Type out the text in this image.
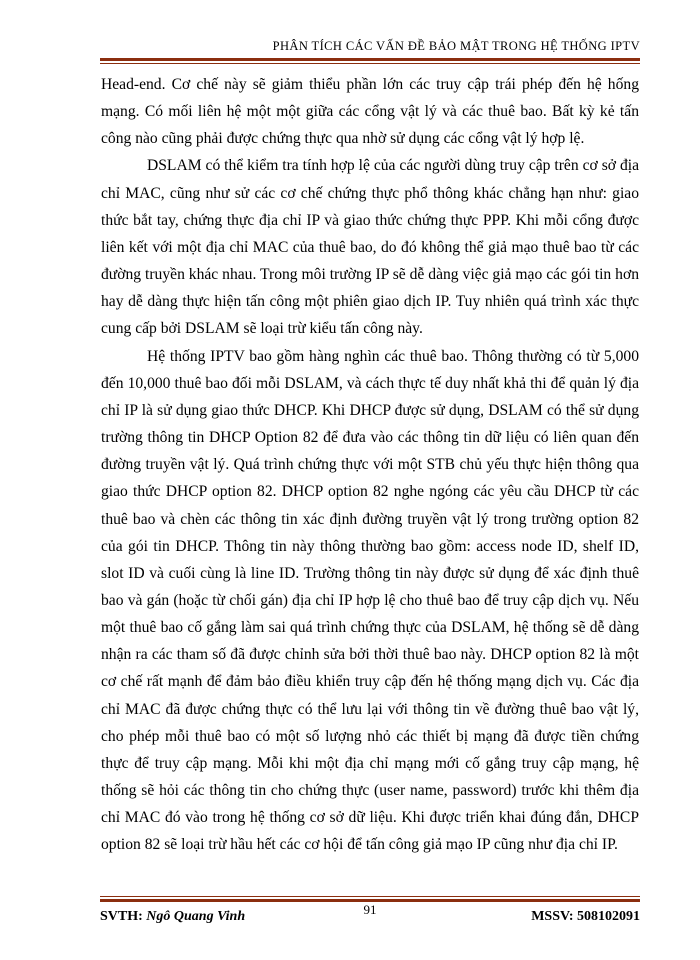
PHÂN TÍCH CÁC VẤN ĐỀ BẢO MẬT TRONG HỆ THỐNG IPTV

Head-end. Cơ chế này sẽ giảm thiểu phần lớn các truy cập trái phép đến hệ hống mạng. Có mối liên hệ một một giữa các cổng vật lý và các thuê bao. Bất kỳ kẻ tấn công nào cũng phải được chứng thực qua nhờ sử dụng các cổng vật lý hợp lệ.

DSLAM có thể kiểm tra tính hợp lệ của các người dùng truy cập trên cơ sở địa chỉ MAC, cũng như sử các cơ chế chứng thực phổ thông khác chẳng hạn như: giao thức bắt tay, chứng thực địa chỉ IP và giao thức chứng thực PPP. Khi mỗi cổng được liên kết với một địa chỉ MAC của thuê bao, do đó không thể giả mạo thuê bao từ các đường truyền khác nhau. Trong môi trường IP sẽ dễ dàng việc giả mạo các gói tin hơn hay dễ dàng thực hiện tấn công một phiên giao dịch IP. Tuy nhiên quá trình xác thực cung cấp bởi DSLAM sẽ loại trừ kiểu tấn công này.

Hệ thống IPTV bao gồm hàng nghìn các thuê bao. Thông thường có từ 5,000 đến 10,000 thuê bao đối mỗi DSLAM, và cách thực tế duy nhất khả thi để quản lý địa chỉ IP là sử dụng giao thức DHCP. Khi DHCP được sử dụng, DSLAM có thể sử dụng trường thông tin DHCP Option 82 để đưa vào các thông tin dữ liệu có liên quan đến đường truyền vật lý. Quá trình chứng thực với một STB chủ yếu thực hiện thông qua giao thức DHCP option 82. DHCP option 82 nghe ngóng các yêu cầu DHCP từ các thuê bao và chèn các thông tin xác định đường truyền vật lý trong trường option 82 của gói tin DHCP. Thông tin này thông thường bao gồm: access node ID, shelf ID, slot ID và cuối cùng là line ID. Trường thông tin này được sử dụng để xác định thuê bao và gán (hoặc từ chối gán) địa chỉ IP hợp lệ cho thuê bao để truy cập dịch vụ. Nếu một thuê bao cố gắng làm sai quá trình chứng thực của DSLAM, hệ thống sẽ dễ dàng nhận ra các tham số đã được chỉnh sửa bởi thời thuê bao này. DHCP option 82 là một cơ chế rất mạnh để đảm bảo điều khiển truy cập đến hệ thống mạng dịch vụ. Các địa chỉ MAC đã được chứng thực có thể lưu lại với thông tin về đường thuê bao vật lý, cho phép mỗi thuê bao có một số lượng nhỏ các thiết bị mạng đã được tiền chứng thực để truy cập mạng. Mỗi khi một địa chỉ mạng mới cố gắng truy cập mạng, hệ thống sẽ hỏi các thông tin cho chứng thực (user name, password) trước khi thêm địa chỉ MAC đó vào trong hệ thống cơ sở dữ liệu. Khi được triển khai đúng đắn, DHCP option 82 sẽ loại trừ hầu hết các cơ hội để tấn công giả mạo IP cũng như địa chỉ IP.

SVTH: Ngô Quang Vinh	91	MSSV: 508102091
